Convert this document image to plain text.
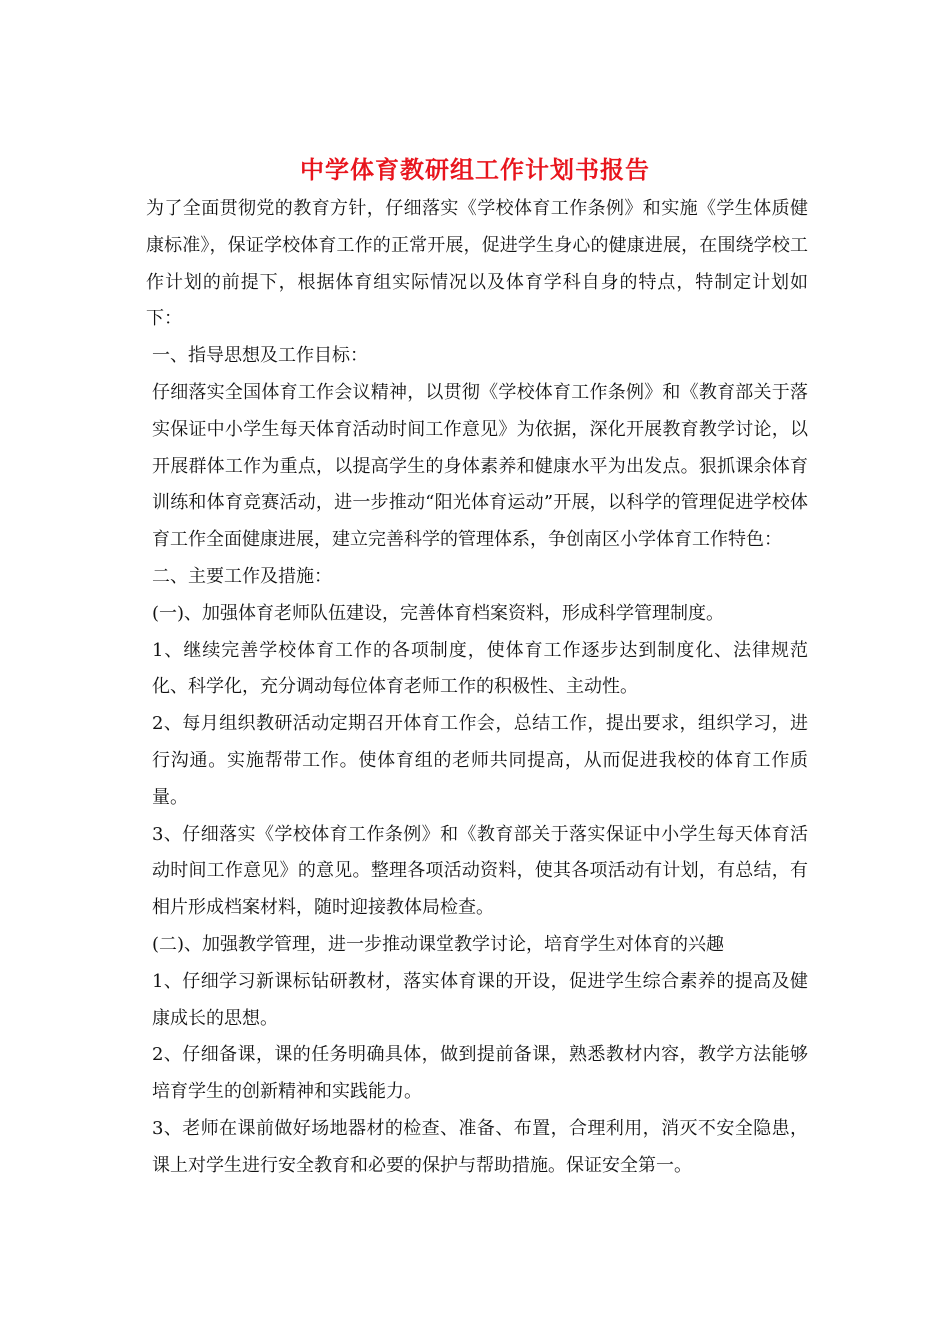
中学体育教研组工作计划书报告

为了全面贯彻党的教育方针，仔细落实《学校体育工作条例》和实施《学生体质健康标准》，保证学校体育工作的正常开展，促进学生身心的健康进展，在围绕学校工作计划的前提下，根据体育组实际情况以及体育学科自身的特点，特制定计划如下：

一、指导思想及工作目标：

仔细落实全国体育工作会议精神，以贯彻《学校体育工作条例》和《教育部关于落实保证中小学生每天体育活动时间工作意见》为依据，深化开展教育教学讨论，以开展群体工作为重点，以提高学生的身体素养和健康水平为出发点。狠抓课余体育训练和体育竞赛活动，进一步推动“阳光体育运动”开展，以科学的管理促进学校体育工作全面健康进展，建立完善科学的管理体系，争创南区小学体育工作特色：

二、主要工作及措施：

(一)、加强体育老师队伍建设，完善体育档案资料，形成科学管理制度。

1、继续完善学校体育工作的各项制度，使体育工作逐步达到制度化、法律规范化、科学化，充分调动每位体育老师工作的积极性、主动性。

2、每月组织教研活动定期召开体育工作会，总结工作，提出要求，组织学习，进行沟通。实施帮带工作。使体育组的老师共同提高，从而促进我校的体育工作质量。

3、仔细落实《学校体育工作条例》和《教育部关于落实保证中小学生每天体育活动时间工作意见》的意见。整理各项活动资料，使其各项活动有计划，有总结，有相片形成档案材料，随时迎接教体局检查。

(二)、加强教学管理，进一步推动课堂教学讨论，培育学生对体育的兴趣

1、仔细学习新课标钻研教材，落实体育课的开设，促进学生综合素养的提高及健康成长的思想。

2、仔细备课，课的任务明确具体，做到提前备课，熟悉教材内容，教学方法能够培育学生的创新精神和实践能力。

3、老师在课前做好场地器材的检查、准备、布置，合理利用，消灭不安全隐患，课上对学生进行安全教育和必要的保护与帮助措施。保证安全第一。
